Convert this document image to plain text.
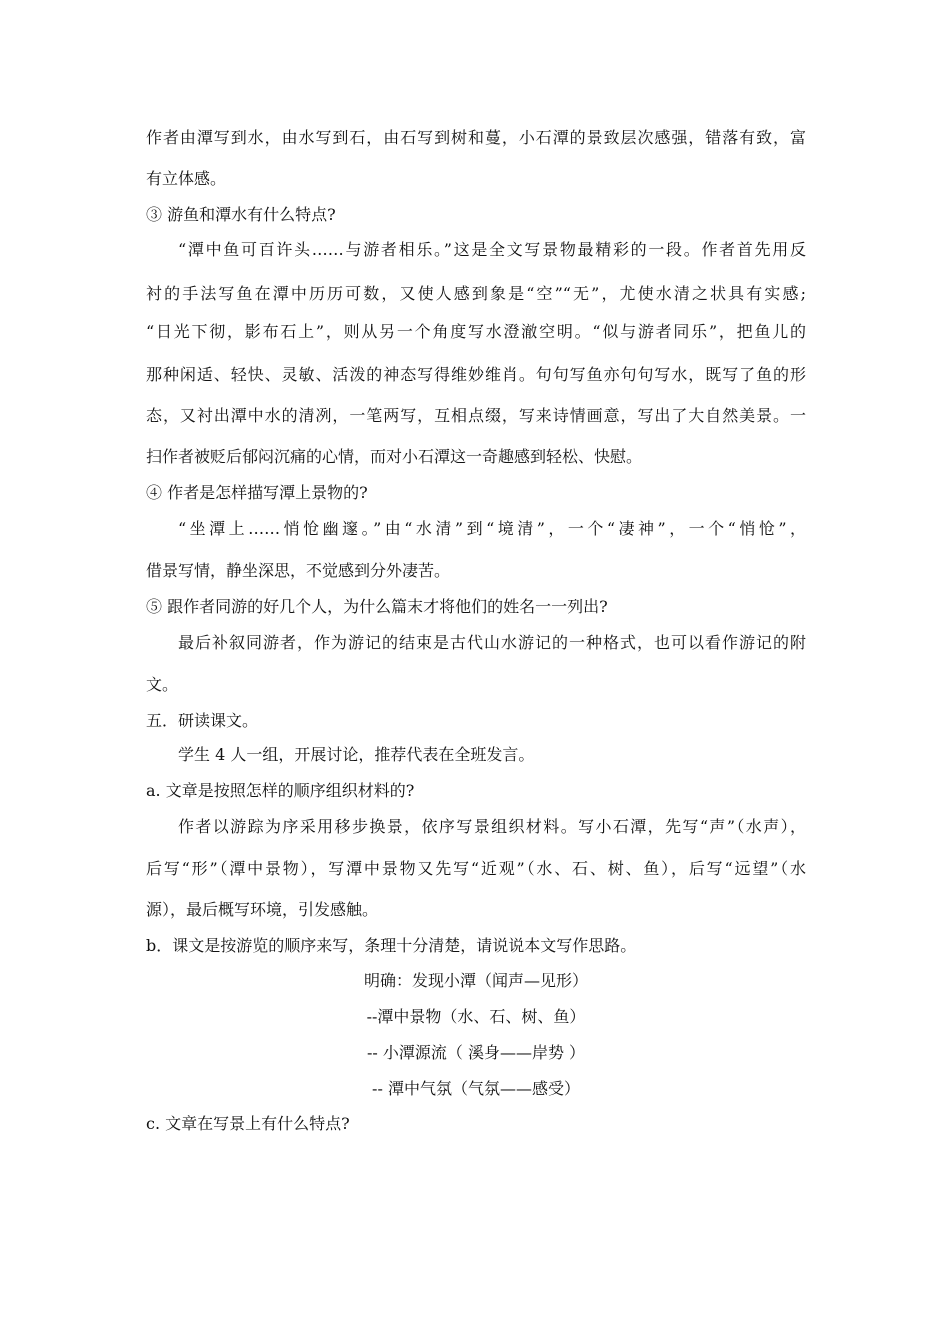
作者由潭写到水，由水写到石，由石写到树和蔓，小石潭的景致层次感强，错落有致，富
有立体感。
③ 游鱼和潭水有什么特点?
“潭中鱼可百许头……与游者相乐。”这是全文写景物最精彩的一段。作者首先用反
衬的手法写鱼在潭中历历可数，又使人感到象是“空”“无”，尤使水清之状具有实感;
“日光下彻，影布石上”，则从另一个角度写水澄澈空明。“似与游者同乐”，把鱼儿的
那种闲适、轻快、灵敏、活泼的神态写得维妙维肖。句句写鱼亦句句写水，既写了鱼的形
态，又衬出潭中水的清冽，一笔两写，互相点缀，写来诗情画意，写出了大自然美景。一
扫作者被贬后郁闷沉痛的心情，而对小石潭这一奇趣感到轻松、快慰。
④ 作者是怎样描写潭上景物的?
“坐潭上……悄怆幽邃。”由“水清”到“境清”，一个“凄神”，一个“悄怆”，
借景写情，静坐深思，不觉感到分外凄苦。
⑤ 跟作者同游的好几个人，为什么篇末才将他们的姓名一一列出?
最后补叙同游者，作为游记的结束是古代山水游记的一种格式，也可以看作游记的附
文。
五．研读课文。
学生 4 人一组，开展讨论，推荐代表在全班发言。
a. 文章是按照怎样的顺序组织材料的?
作者以游踪为序采用移步换景，依序写景组织材料。写小石潭，先写“声”（水声），
后写“形”（潭中景物），写潭中景物又先写“近观”（水、石、树、鱼），后写“远望”（水
源），最后概写环境，引发感触。
b．课文是按游览的顺序来写，条理十分清楚，请说说本文写作思路。
明确：发现小潭（闻声—见形）
--潭中景物（水、石、树、鱼）
-- 小潭源流（ 溪身——岸势 ）
-- 潭中气氛（气氛——感受）
c. 文章在写景上有什么特点?
